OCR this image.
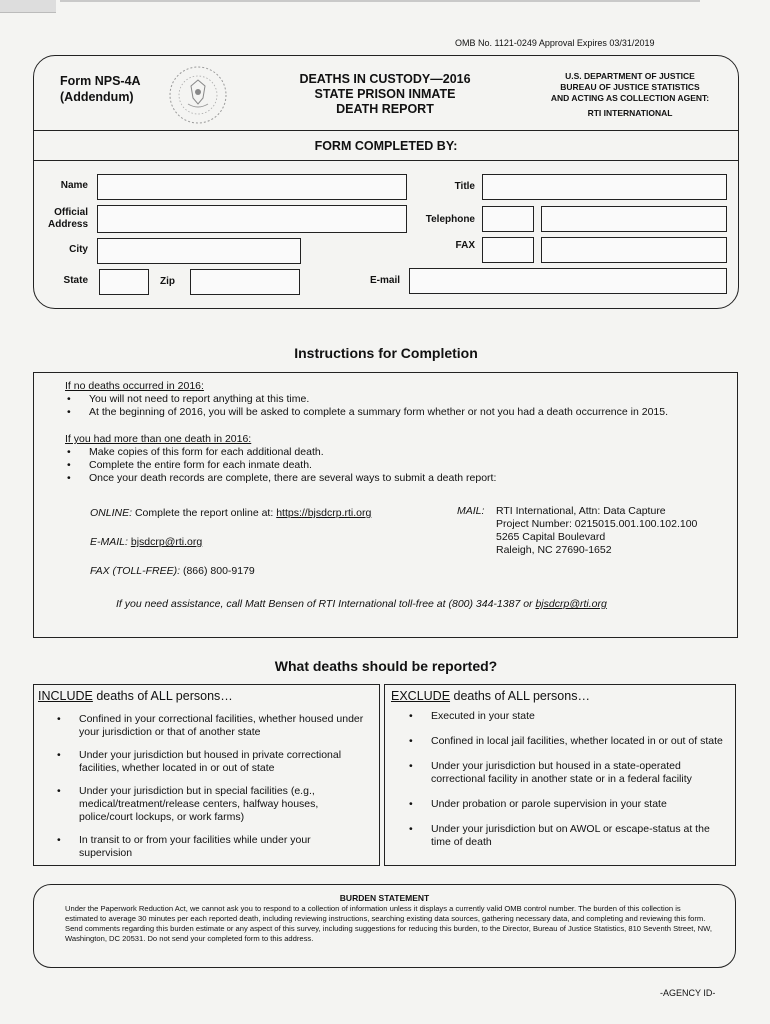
OMB No. 1121-0249 Approval Expires 03/31/2019
Form NPS-4A
(Addendum)
DEATHS IN CUSTODY—2016
STATE PRISON INMATE
DEATH REPORT
U.S. DEPARTMENT OF JUSTICE
BUREAU OF JUSTICE STATISTICS
AND ACTING AS COLLECTION AGENT:
RTI INTERNATIONAL
FORM COMPLETED BY:
Name	Title
Official
Address	Telephone
City	FAX
State	Zip	E-mail
Instructions for Completion
If no deaths occurred in 2016:
• You will not need to report anything at this time.
• At the beginning of 2016, you will be asked to complete a summary form whether or not you had a death occurrence in 2015.
If you had more than one death in 2016:
• Make copies of this form for each additional death.
• Complete the entire form for each inmate death.
• Once your death records are complete, there are several ways to submit a death report:
ONLINE: Complete the report online at: https://bjsdcrp.rti.org
E-MAIL: bjsdcrp@rti.org
FAX (TOLL-FREE): (866) 800-9179
MAIL: RTI International, Attn: Data Capture
Project Number: 0215015.001.100.102.100
5265 Capital Boulevard
Raleigh, NC 27690-1652
If you need assistance, call Matt Bensen of RTI International toll-free at (800) 344-1387 or bjsdcrp@rti.org
What deaths should be reported?
INCLUDE deaths of ALL persons…	EXCLUDE deaths of ALL persons…
• Confined in your correctional facilities, whether housed under your jurisdiction or that of another state
• Under your jurisdiction but housed in private correctional facilities, whether located in or out of state
• Under your jurisdiction but in special facilities (e.g., medical/treatment/release centers, halfway houses, police/court lockups, or work farms)
• In transit to or from your facilities while under your supervision
• Executed in your state
• Confined in local jail facilities, whether located in or out of state
• Under your jurisdiction but housed in a state-operated correctional facility in another state or in a federal facility
• Under probation or parole supervision in your state
• Under your jurisdiction but on AWOL or escape-status at the time of death
BURDEN STATEMENT
Under the Paperwork Reduction Act, we cannot ask you to respond to a collection of information unless it displays a currently valid OMB control number. The burden of this collection is estimated to average 30 minutes per each reported death, including reviewing instructions, searching existing data sources, gathering necessary data, and completing and reviewing this form. Send comments regarding this burden estimate or any aspect of this survey, including suggestions for reducing this burden, to the Director, Bureau of Justice Statistics, 810 Seventh Street, NW, Washington, DC 20531. Do not send your completed form to this address.
-AGENCY ID-
